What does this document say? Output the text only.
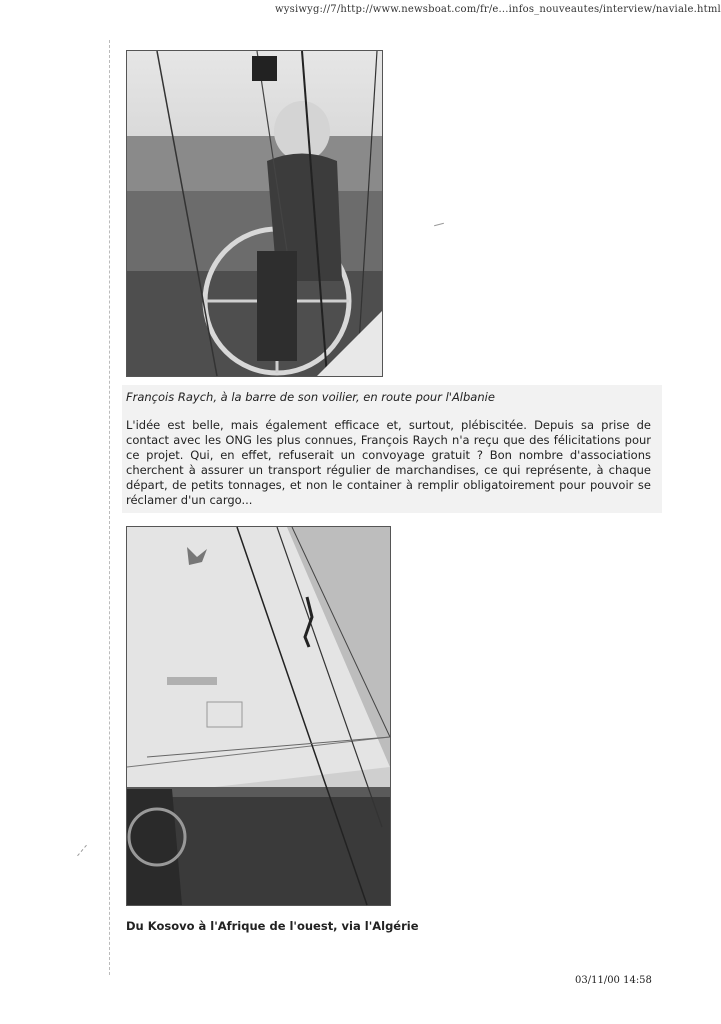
wysiwyg://7/http://www.newsboat.com/fr/e...infos_nouveautes/interview/naviale.html
François Raych, à la barre de son voilier, en route pour l'Albanie
L'idée est belle, mais également efficace et, surtout, plébiscitée. Depuis sa prise de contact avec les ONG les plus connues, François Raych n'a reçu que des félicitations pour ce projet. Qui, en effet, refuserait un convoyage gratuit ? Bon nombre d'associations cherchent à assurer un transport régulier de marchandises, ce qui représente, à chaque départ, de petits tonnages, et non le container à remplir obligatoirement pour pouvoir se réclamer d'un cargo...
Du Kosovo à l'Afrique de l'ouest, via l'Algérie
03/11/00 14:58
